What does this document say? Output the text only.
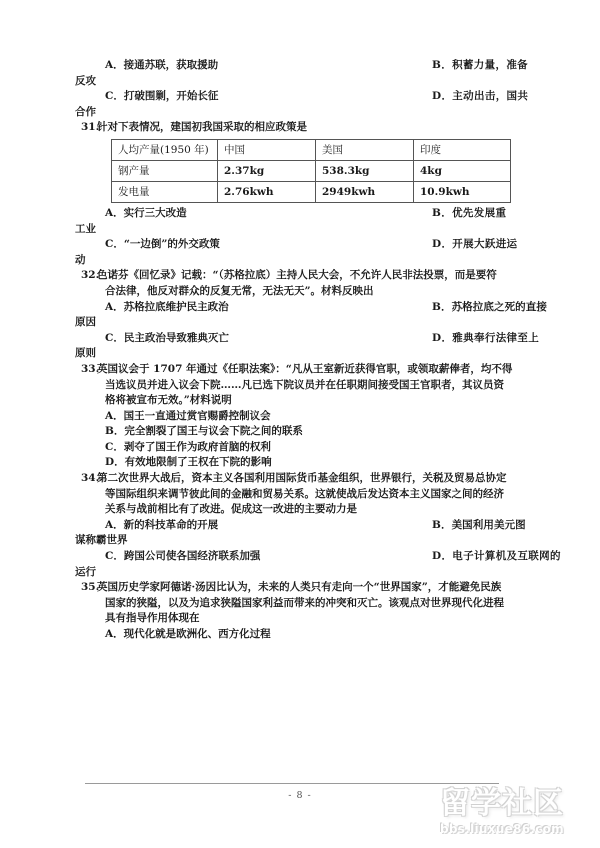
A．接通苏联，获取援助	B．积蓄力量，准备
反攻
C．打破围剿，开始长征	D．主动出击，国共
合作
31.
针对下表情况，建国初我国采取的相应政策是
人均产量(1950 年)	中国	美国	印度
钢产量	2.37kg	538.3kg	4kg
发电量	2.76kwh	2949kwh	10.9kwh
A．实行三大改造	B．优先发展重
工业
C．“一边倒”的外交政策	D．开展大跃进运
动
32.
色诺芬《回忆录》记载：“（苏格拉底）主持人民大会，不允许人民非法投票，而是要符
合法律，他反对群众的反复无常，无法无天”。材料反映出
A．苏格拉底维护民主政治	B．苏格拉底之死的直接
原因
C．民主政治导致雅典灭亡	D．雅典奉行法律至上
原则
33.
英国议会于 1707 年通过《任职法案》：“凡从王室新近获得官职，或领取薪俸者，均不得
当选议员并进入议会下院……凡已选下院议员并在任职期间接受国王官职者，其议员资
格将被宣布无效。”材料说明
A．国王一直通过赏官赐爵控制议会
B．完全割裂了国王与议会下院之间的联系
C．剥夺了国王作为政府首脑的权利
D．有效地限制了王权在下院的影响
34.
第二次世界大战后，资本主义各国利用国际货币基金组织，世界银行，关税及贸易总协定
等国际组织来调节彼此间的金融和贸易关系。这就使战后发达资本主义国家之间的经济
关系与战前相比有了改进。促成这一改进的主要动力是
A．新的科技革命的开展	B．美国利用美元图
谋称霸世界
C．跨国公司使各国经济联系加强	D．电子计算机及互联网的
运行
35.
英国历史学家阿德诺·汤因比认为，未来的人类只有走向一个“世界国家”，才能避免民族
国家的狭隘，以及为追求狭隘国家利益而带来的冲突和灭亡。该观点对世界现代化进程
具有指导作用体现在
A．现代化就是欧洲化、西方化过程
- 8 -	留学社区
bbs.liuxue86.com
